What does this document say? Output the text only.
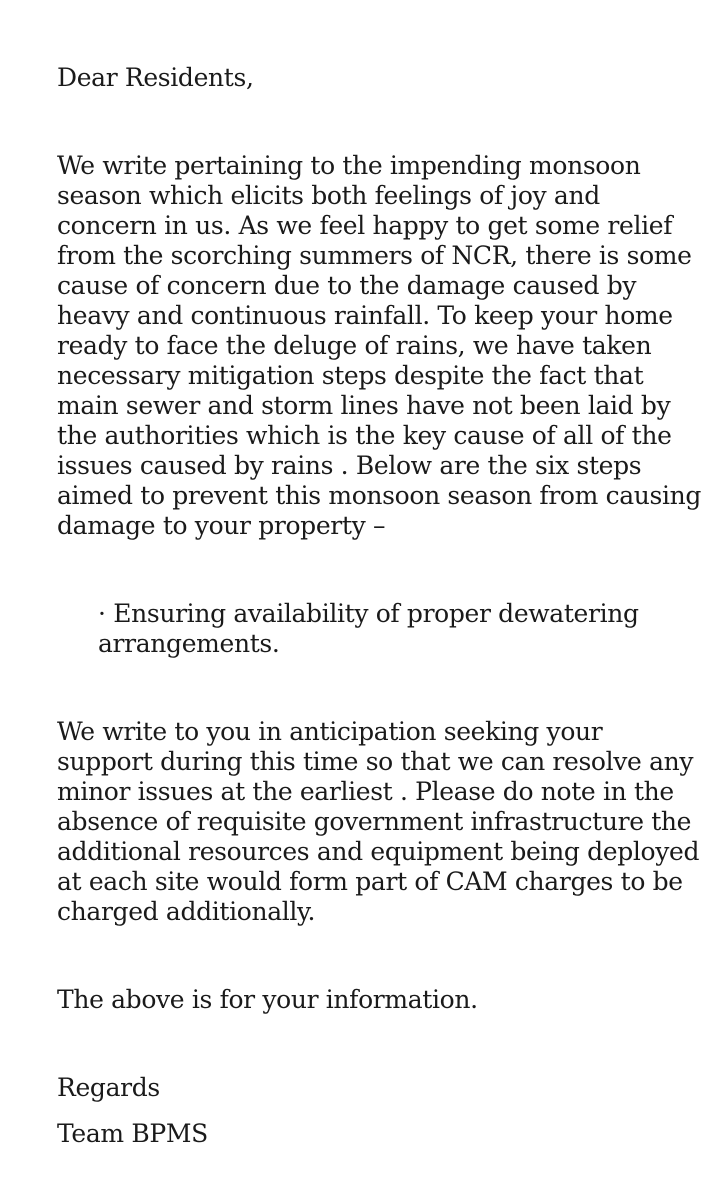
Dear Residents,

We write pertaining to the impending monsoon season which elicits both feelings of joy and concern in us. As we feel happy to get some relief from the scorching summers of NCR, there is some cause of concern due to the damage caused by heavy and continuous rainfall. To keep your home ready to face the deluge of rains, we have taken necessary mitigation steps despite the fact that main sewer and storm lines have not been laid by the authorities which is the key cause of all of the issues caused by rains . Below are the six steps aimed to prevent this monsoon season from causing damage to your property –

· Ensuring availability of proper dewatering arrangements.

We write to you in anticipation seeking your support during this time so that we can resolve any minor issues at the earliest . Please do note in the absence of requisite government infrastructure the additional resources and equipment being deployed at each site would form part of CAM charges to be charged additionally.

The above is for your information.

Regards

Team BPMS
